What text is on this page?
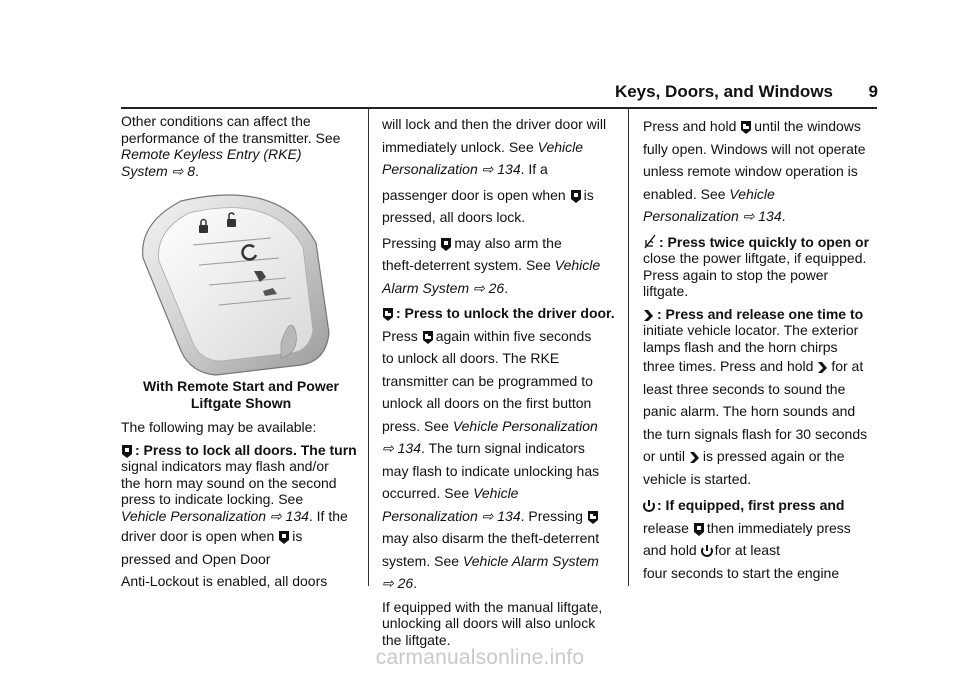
Keys, Doors, and Windows 9

Other conditions can affect the
performance of the transmitter. See
Remote Keyless Entry (RKE)
System ⇨ 8.

With Remote Start and Power
Liftgate Shown

The following may be available:

: Press to lock all doors. The turn
signal indicators may flash and/or
the horn may sound on the second
press to indicate locking. See
Vehicle Personalization ⇨ 134. If the

driver door is open when is

pressed and Open Door

Anti-Lockout is enabled, all doors

will lock and then the driver door will
immediately unlock. See Vehicle
Personalization ⇨ 134. If a
passenger door is open when is
pressed, all doors lock.
Pressing may also arm the
theft-deterrent system. See Vehicle
Alarm System ⇨ 26.
: Press to unlock the driver door.
Press again within five seconds
to unlock all doors. The RKE
transmitter can be programmed to
unlock all doors on the first button
press. See Vehicle Personalization
⇨ 134. The turn signal indicators
may flash to indicate unlocking has
occurred. See Vehicle
Personalization ⇨ 134. Pressing
may also disarm the theft-deterrent
system. See Vehicle Alarm System
⇨ 26.
If equipped with the manual liftgate,
unlocking all doors will also unlock
the liftgate.
Press and hold until the windows
fully open. Windows will not operate
unless remote window operation is
enabled. See Vehicle
Personalization ⇨ 134.
: Press twice quickly to open or
close the power liftgate, if equipped.
Press again to stop the power
liftgate.
: Press and release one time to
initiate vehicle locator. The exterior
lamps flash and the horn chirps
three times. Press and hold for at
least three seconds to sound the
panic alarm. The horn sounds and
the turn signals flash for 30 seconds
or until is pressed again or the
vehicle is started.
: If equipped, first press and
release then immediately press
and hold for at least
four seconds to start the engine
carmanualsonline.info
